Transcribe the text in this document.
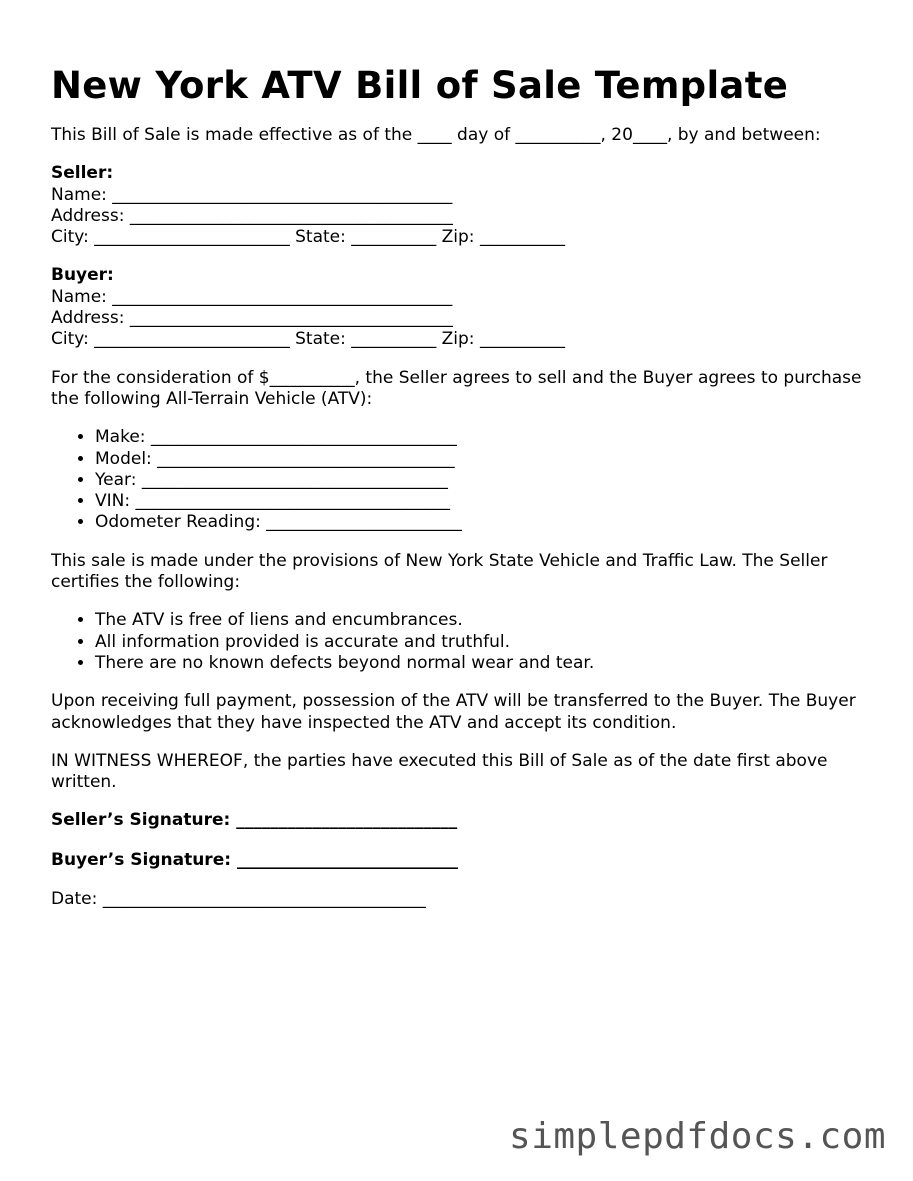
New York ATV Bill of Sale Template

This Bill of Sale is made effective as of the ____ day of __________, 20____, by and between:

Seller:

Name: ________________________________________

Address: ______________________________________

City: _______________________ State: __________ Zip: __________

Buyer:

Name: ________________________________________

Address: ______________________________________

City: _______________________ State: __________ Zip: __________

For the consideration of $__________, the Seller agrees to sell and the Buyer agrees to purchase the following All-Terrain Vehicle (ATV):

• Make: ____________________________________
• Model: ___________________________________
• Year: ____________________________________
• VIN: _____________________________________
• Odometer Reading: _______________________

This sale is made under the provisions of New York State Vehicle and Traffic Law. The Seller certifies the following:

• The ATV is free of liens and encumbrances.
• All information provided is accurate and truthful.
• There are no known defects beyond normal wear and tear.

Upon receiving full payment, possession of the ATV will be transferred to the Buyer. The Buyer acknowledges that they have inspected the ATV and accept its condition.

IN WITNESS WHEREOF, the parties have executed this Bill of Sale as of the date first above written.

Seller’s Signature: __________________________

Buyer’s Signature: __________________________

Date: ______________________________________

simplepdfdocs.com
